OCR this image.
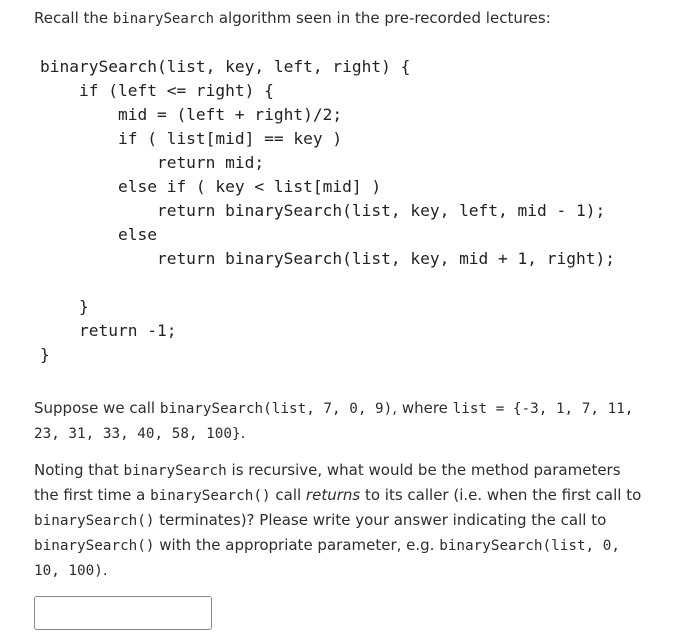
Recall the binarySearch algorithm seen in the pre-recorded lectures:
binarySearch(list, key, left, right) {
if (left <= right) {
mid = (left + right)/2;
if ( list[mid] == key )
return mid;
else if ( key < list[mid] )
return binarySearch(list, key, left, mid - 1);
else
return binarySearch(list, key, mid + 1, right);
}
return -1;
}
Suppose we call binarySearch(list, 7, 0, 9), where list = {-3, 1, 7, 11, 23, 31, 33, 40, 58, 100}.
Noting that binarySearch is recursive, what would be the method parameters the first time a binarySearch() call returns to its caller (i.e. when the first call to binarySearch() terminates)? Please write your answer indicating the call to binarySearch() with the appropriate parameter, e.g. binarySearch(list, 0, 10, 100).
